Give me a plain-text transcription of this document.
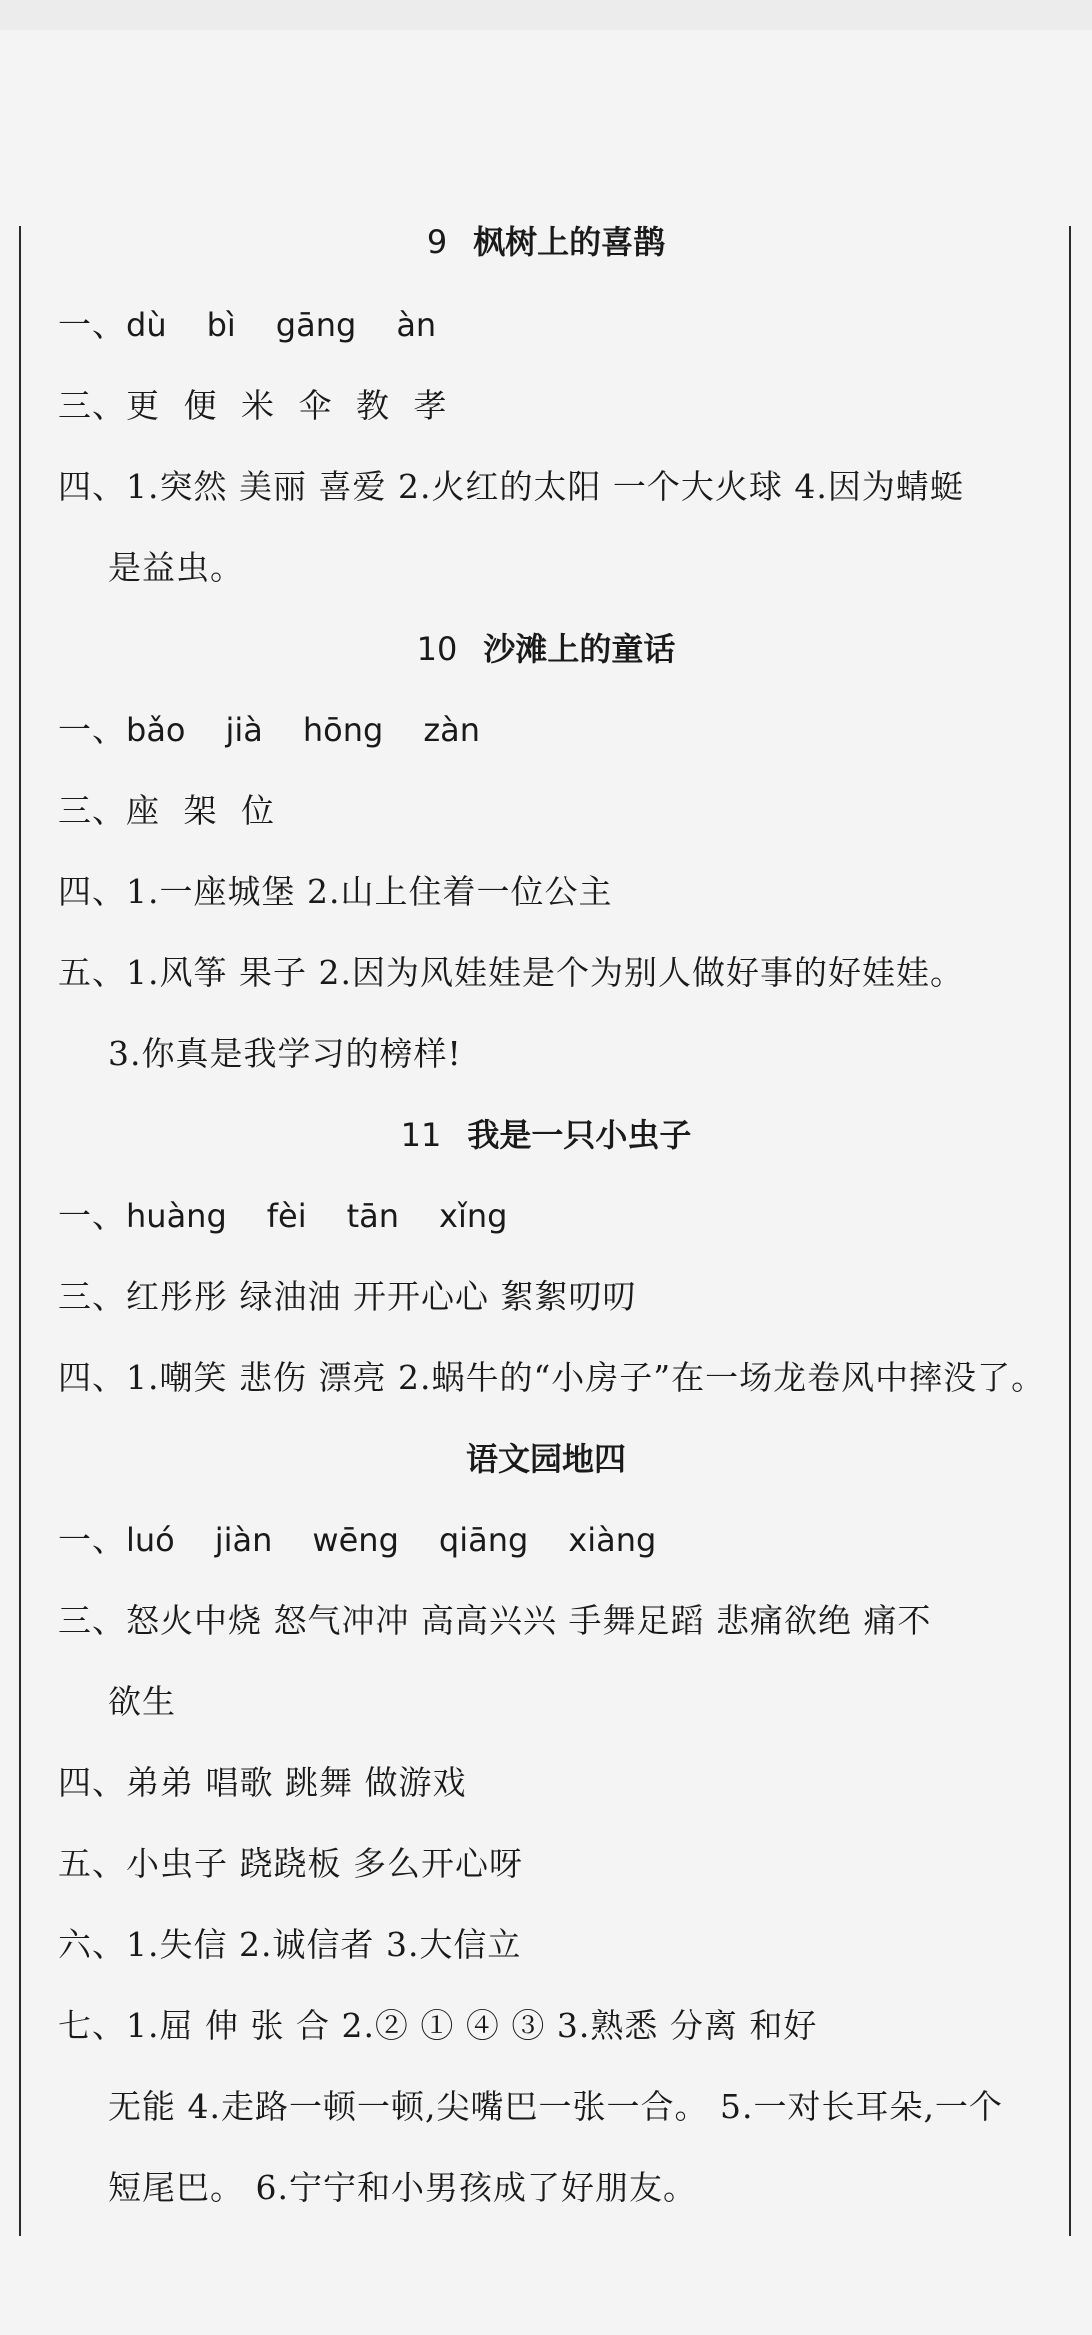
9 枫树上的喜鹊
一、dù bì gāng àn
三、更 便 米 伞 教 孝
四、1.突然 美丽 喜爱 2.火红的太阳 一个大火球 4.因为蜻蜓
是益虫。
10 沙滩上的童话
一、bǎo jià hōng zàn
三、座 架 位
四、1.一座城堡 2.山上住着一位公主
五、1.风筝 果子 2.因为风娃娃是个为别人做好事的好娃娃。
3.你真是我学习的榜样!
11 我是一只小虫子
一、huàng fèi tān xǐng
三、红彤彤 绿油油 开开心心 絮絮叨叨
四、1.嘲笑 悲伤 漂亮 2.蜗牛的“小房子”在一场龙卷风中摔没了。
语文园地四
一、luó jiàn wēng qiāng xiàng
三、怒火中烧 怒气冲冲 高高兴兴 手舞足蹈 悲痛欲绝 痛不
欲生
四、弟弟 唱歌 跳舞 做游戏
五、小虫子 跷跷板 多么开心呀
六、1.失信 2.诚信者 3.大信立
七、1.屈 伸 张 合 2.② ① ④ ③ 3.熟悉 分离 和好
无能 4.走路一顿一顿,尖嘴巴一张一合。 5.一对长耳朵,一个
短尾巴。 6.宁宁和小男孩成了好朋友。
